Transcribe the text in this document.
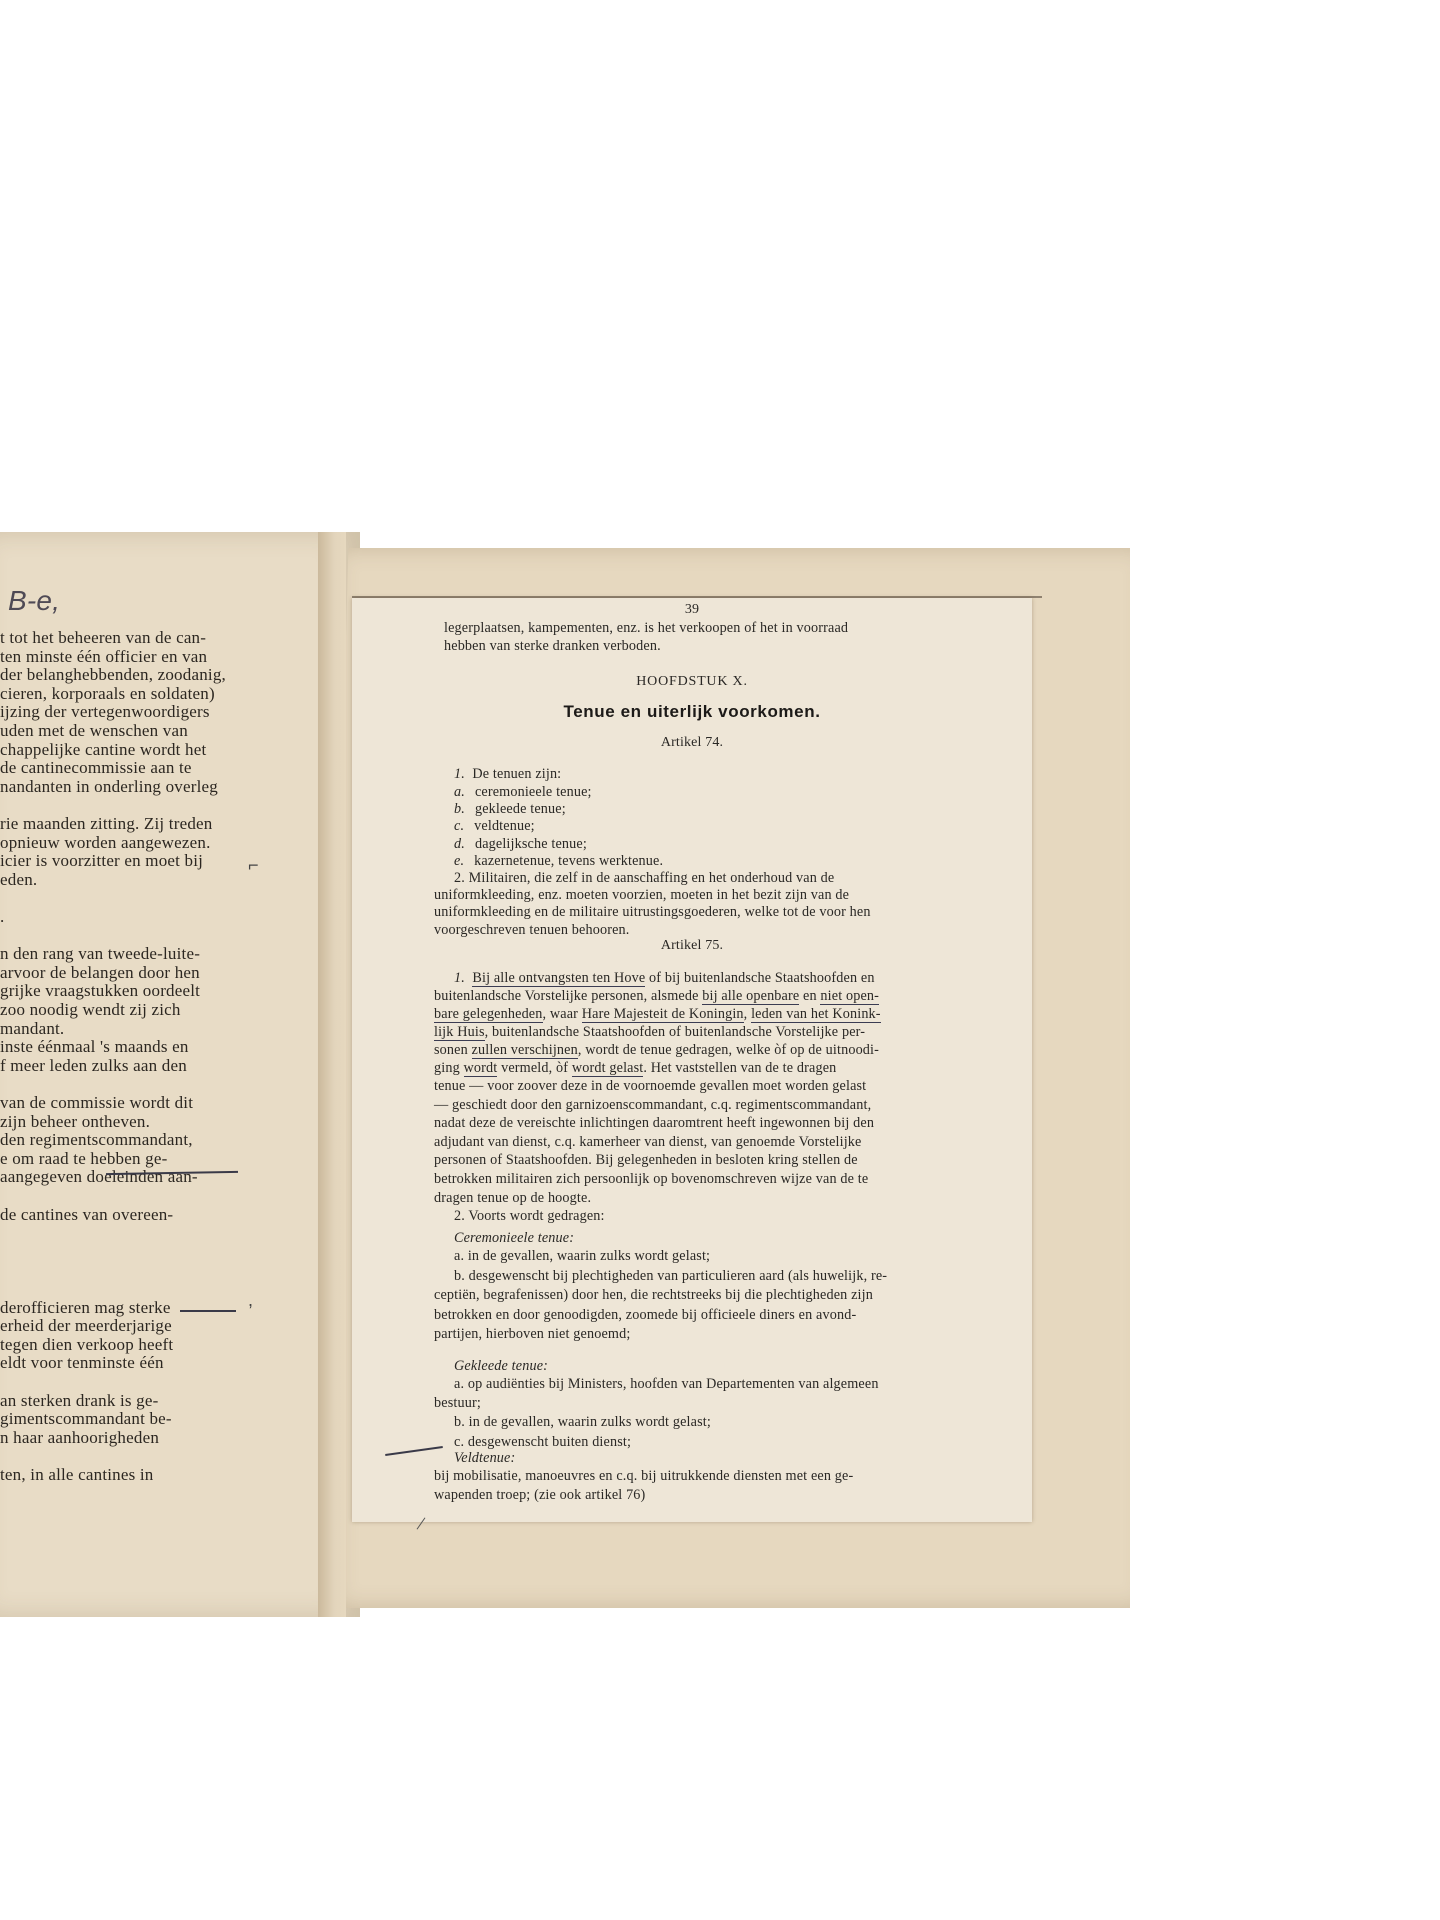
B-e,
t tot het beheeren van de can-
ten minste één officier en van
der belanghebbenden, zoodanig,
cieren, korporaals en soldaten)
ijzing der vertegenwoordigers
uden met de wenschen van
chappelijke cantine wordt het
de cantinecommissie aan te
nandanten in onderling overleg
rie maanden zitting. Zij treden
opnieuw worden aangewezen.
icier is voorzitter en moet bij
eden.
.
n den rang van tweede-luite-
arvoor de belangen door hen
grijke vraagstukken oordeelt
zoo noodig wendt zij zich
mandant.
inste éénmaal 's maands en
f meer leden zulks aan den
van de commissie wordt dit
zijn beheer ontheven.
den regimentscommandant,
e om raad te hebben ge-
aangegeven doeleinden aan-
de cantines van overeen-
derofficieren mag sterke
erheid der meerderjarige
tegen dien verkoop heeft
eldt voor tenminste één
an sterken drank is ge-
gimentscommandant be-
n haar aanhoorigheden
ten, in alle cantines in
⌐
,
39
legerplaatsen, kampementen, enz. is het verkoopen of het in voorraad
hebben van sterke dranken verboden.
HOOFDSTUK X.
Tenue en uiterlijk voorkomen.
Artikel 74.
1. De tenuen zijn:
a. ceremonieele tenue;
b. gekleede tenue;
c. veldtenue;
d. dagelijksche tenue;
e. kazernetenue, tevens werktenue.
2. Militairen, die zelf in de aanschaffing en het onderhoud van de
uniformkleeding, enz. moeten voorzien, moeten in het bezit zijn van de
uniformkleeding en de militaire uitrustingsgoederen, welke tot de voor hen
voorgeschreven tenuen behooren.
Artikel 75.
1. Bij alle ontvangsten ten Hove of bij buitenlandsche Staatshoofden en
buitenlandsche Vorstelijke personen, alsmede bij alle openbare en niet open-
bare gelegenheden, waar Hare Majesteit de Koningin, leden van het Konink-
lijk Huis, buitenlandsche Staatshoofden of buitenlandsche Vorstelijke per-
sonen zullen verschijnen, wordt de tenue gedragen, welke òf op de uitnoodi-
ging wordt vermeld, òf wordt gelast. Het vaststellen van de te dragen
tenue — voor zoover deze in de voornoemde gevallen moet worden gelast
— geschiedt door den garnizoenscommandant, c.q. regimentscommandant,
nadat deze de vereischte inlichtingen daaromtrent heeft ingewonnen bij den
adjudant van dienst, c.q. kamerheer van dienst, van genoemde Vorstelijke
personen of Staatshoofden. Bij gelegenheden in besloten kring stellen de
betrokken militairen zich persoonlijk op bovenomschreven wijze van de te
dragen tenue op de hoogte.
2. Voorts wordt gedragen:
Ceremonieele tenue:
a. in de gevallen, waarin zulks wordt gelast;
b. desgewenscht bij plechtigheden van particulieren aard (als huwelijk, re-
ceptiën, begrafenissen) door hen, die rechtstreeks bij die plechtigheden zijn
betrokken en door genoodigden, zoomede bij officieele diners en avond-
partijen, hierboven niet genoemd;
Gekleede tenue:
a. op audiënties bij Ministers, hoofden van Departementen van algemeen
bestuur;
b. in de gevallen, waarin zulks wordt gelast;
c. desgewenscht buiten dienst;
Veldtenue:
bij mobilisatie, manoeuvres en c.q. bij uitrukkende diensten met een ge-
wapenden troep; (zie ook artikel 76)
